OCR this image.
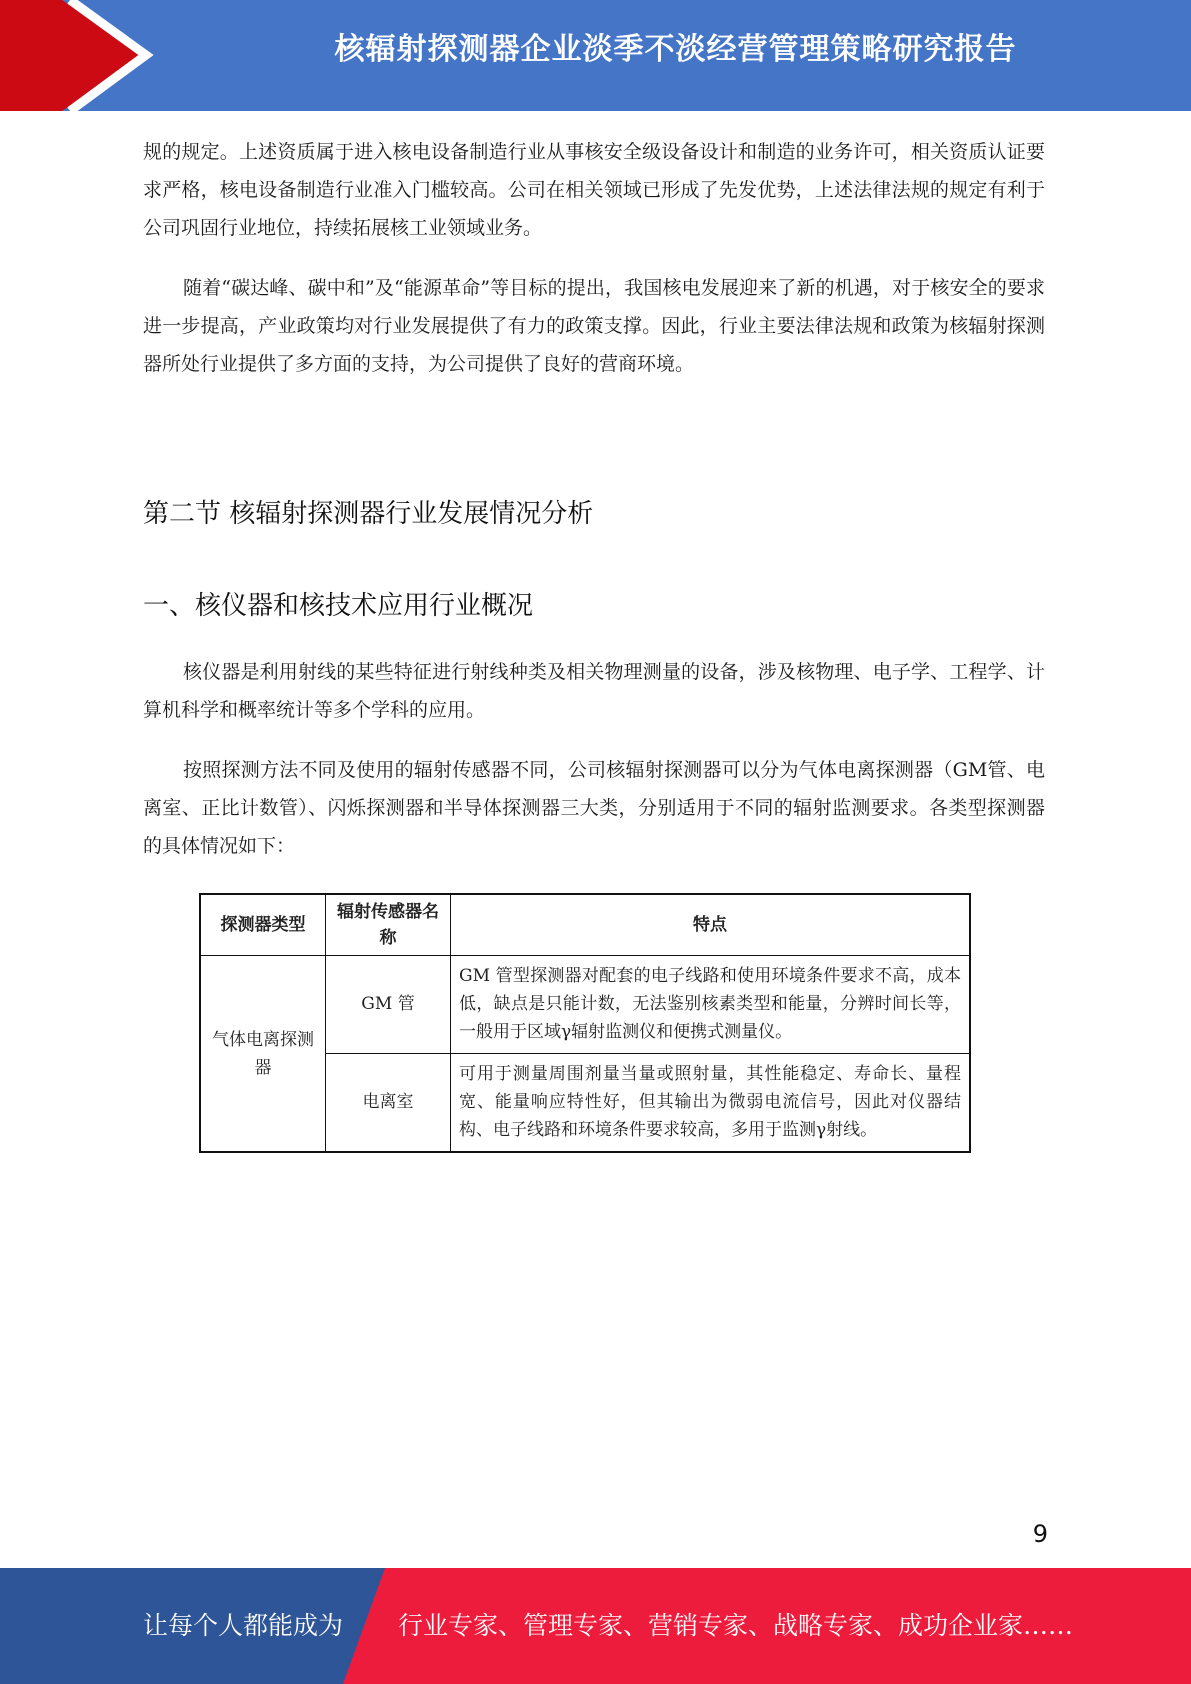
核辐射探测器企业淡季不淡经营管理策略研究报告

规的规定。上述资质属于进入核电设备制造行业从事核安全级设备设计和制造的业务许可，相关资质认证要求严格，核电设备制造行业准入门槛较高。公司在相关领域已形成了先发优势，上述法律法规的规定有利于公司巩固行业地位，持续拓展核工业领域业务。

随着“碳达峰、碳中和”及“能源革命”等目标的提出，我国核电发展迎来了新的机遇，对于核安全的要求进一步提高，产业政策均对行业发展提供了有力的政策支撑。因此，行业主要法律法规和政策为核辐射探测器所处行业提供了多方面的支持，为公司提供了良好的营商环境。

第二节 核辐射探测器行业发展情况分析
一、核仪器和核技术应用行业概况

核仪器是利用射线的某些特征进行射线种类及相关物理测量的设备，涉及核物理、电子学、工程学、计算机科学和概率统计等多个学科的应用。

按照探测方法不同及使用的辐射传感器不同，公司核辐射探测器可以分为气体电离探测器（GM管、电离室、正比计数管）、闪烁探测器和半导体探测器三大类，分别适用于不同的辐射监测要求。各类型探测器的具体情况如下：

探测器类型	辐射传感器名称	特点
气体电离探测器	GM 管	GM 管型探测器对配套的电子线路和使用环境条件要求不高，成本低，缺点是只能计数，无法鉴别核素类型和能量，分辨时间长等，一般用于区域γ辐射监测仪和便携式测量仪。
	电离室	可用于测量周围剂量当量或照射量，其性能稳定、寿命长、量程宽、能量响应特性好，但其输出为微弱电流信号，因此对仪器结构、电子线路和环境条件要求较高，多用于监测γ射线。
9
让每个人都能成为 行业专家、管理专家、营销专家、战略专家、成功企业家……
